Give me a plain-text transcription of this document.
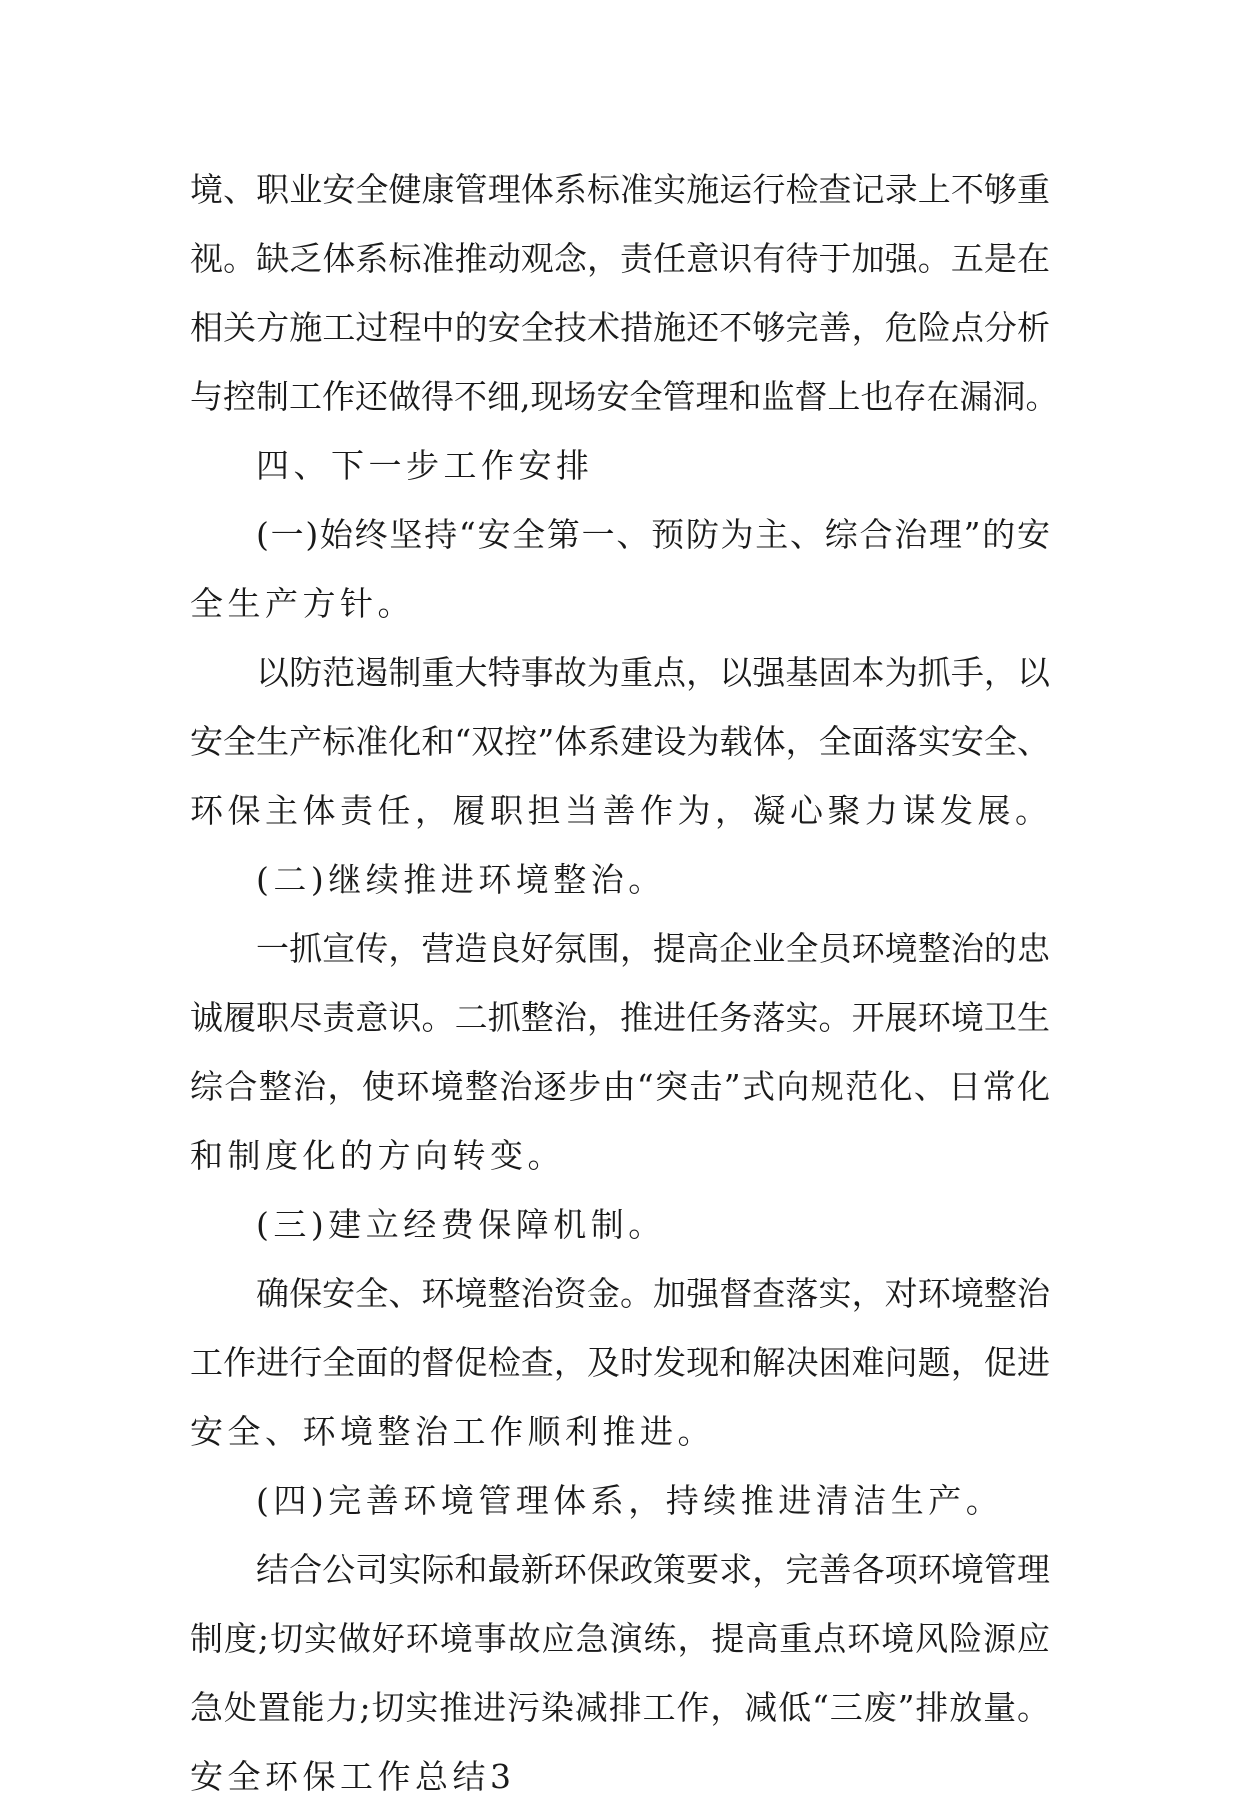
境、职业安全健康管理体系标准实施运行检查记录上不够重
视。缺乏体系标准推动观念，责任意识有待于加强。五是在
相关方施工过程中的安全技术措施还不够完善，危险点分析
与控制工作还做得不细,现场安全管理和监督上也存在漏洞。
四、下一步工作安排
(一)始终坚持“安全第一、预防为主、综合治理”的安
全生产方针。
以防范遏制重大特事故为重点，以强基固本为抓手，以
安全生产标准化和“双控”体系建设为载体，全面落实安全、
环保主体责任，履职担当善作为，凝心聚力谋发展。
(二)继续推进环境整治。
一抓宣传，营造良好氛围，提高企业全员环境整治的忠
诚履职尽责意识。二抓整治，推进任务落实。开展环境卫生
综合整治，使环境整治逐步由“突击”式向规范化、日常化
和制度化的方向转变。
(三)建立经费保障机制。
确保安全、环境整治资金。加强督查落实，对环境整治
工作进行全面的督促检查，及时发现和解决困难问题，促进
安全、环境整治工作顺利推进。
(四)完善环境管理体系，持续推进清洁生产。
结合公司实际和最新环保政策要求，完善各项环境管理
制度;切实做好环境事故应急演练，提高重点环境风险源应
急处置能力;切实推进污染减排工作，减低“三废”排放量。
安全环保工作总结3
